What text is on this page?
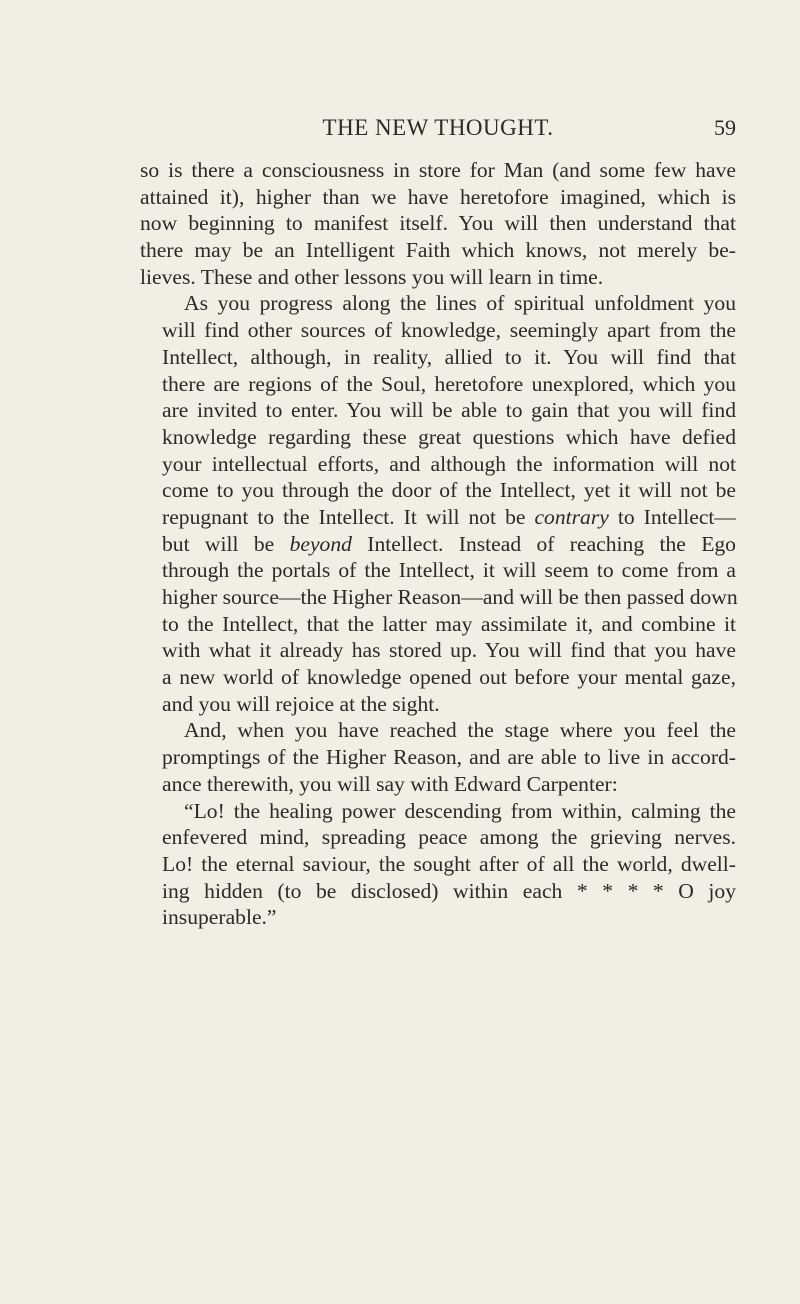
THE NEW THOUGHT.	59

so is there a consciousness in store for Man (and some few have
attained it), higher than we have heretofore imagined, which is
now beginning to manifest itself. You will then understand that
there may be an Intelligent Faith which knows, not merely be-
lieves. These and other lessons you will learn in time.

As you progress along the lines of spiritual unfoldment you
will find other sources of knowledge, seemingly apart from the
Intellect, although, in reality, allied to it. You will find that
there are regions of the Soul, heretofore unexplored, which you
are invited to enter. You will be able to gain that you will find
knowledge regarding these great questions which have defied
your intellectual efforts, and although the information will not
come to you through the door of the Intellect, yet it will not be
repugnant to the Intellect. It will not be contrary to Intellect—
but will be beyond Intellect. Instead of reaching the Ego
through the portals of the Intellect, it will seem to come from a
higher source—the Higher Reason—and will be then passed down
to the Intellect, that the latter may assimilate it, and combine it
with what it already has stored up. You will find that you have
a new world of knowledge opened out before your mental gaze,
and you will rejoice at the sight.

And, when you have reached the stage where you feel the
promptings of the Higher Reason, and are able to live in accord-
ance therewith, you will say with Edward Carpenter:
“Lo! the healing power descending from within, calming the
enfevered mind, spreading peace among the grieving nerves.
Lo! the eternal saviour, the sought after of all the world, dwell-
ing hidden (to be disclosed) within each * * * * O joy
insuperable.”
